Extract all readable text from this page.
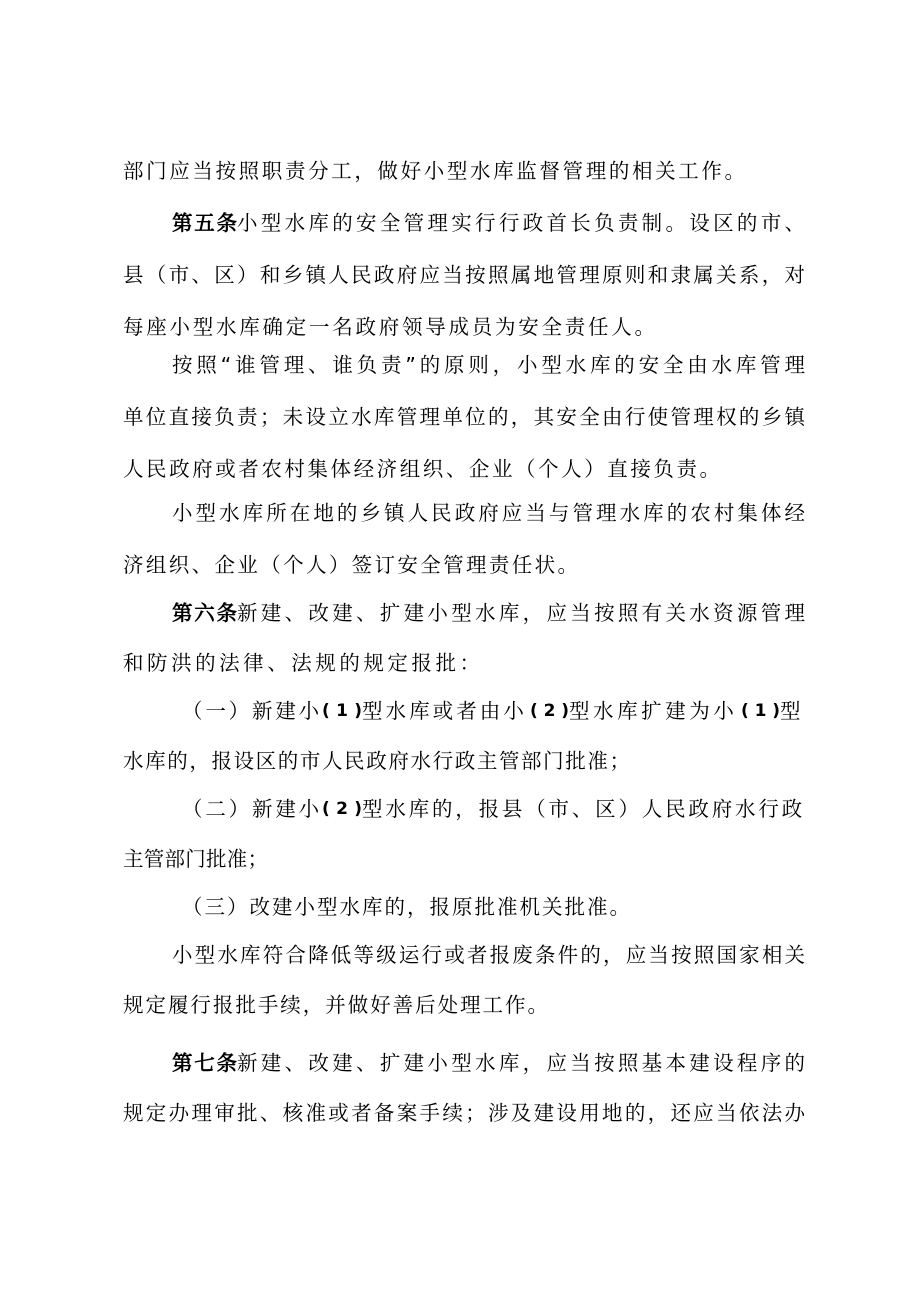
部门应当按照职责分工，做好小型水库监督管理的相关工作。
第五条
小型水库的安全管理实行行政首长负责制。设区的市、
县（市、区）和乡镇人民政府应当按照属地管理原则和隶属关系，对
每座小型水库确定一名政府领导成员为安全责任人。
按照“谁管理、谁负责”的原则，小型水库的安全由水库管理
单位直接负责；未设立水库管理单位的，其安全由行使管理权的乡镇
人民政府或者农村集体经济组织、企业（个人）直接负责。
小型水库所在地的乡镇人民政府应当与管理水库的农村集体经
济组织、企业（个人）签订安全管理责任状。
第六条
新建、改建、扩建小型水库，应当按照有关水资源管理
和防洪的法律、法规的规定报批：
（一）新建小 (1)
型水库或者由小 (2)
型水库扩建为小 (1)
型
水库的，报设区的市人民政府水行政主管部门批准；
（二）新建小 (2)
型水库的，报县（市、区）人民政府水行政
主管部门批准；
（三）改建小型水库的，报原批准机关批准。
小型水库符合降低等级运行或者报废条件的，应当按照国家相关
规定履行报批手续，并做好善后处理工作。
第七条
新建、改建、扩建小型水库，应当按照基本建设程序的
规定办理审批、核准或者备案手续；涉及建设用地的，还应当依法办
